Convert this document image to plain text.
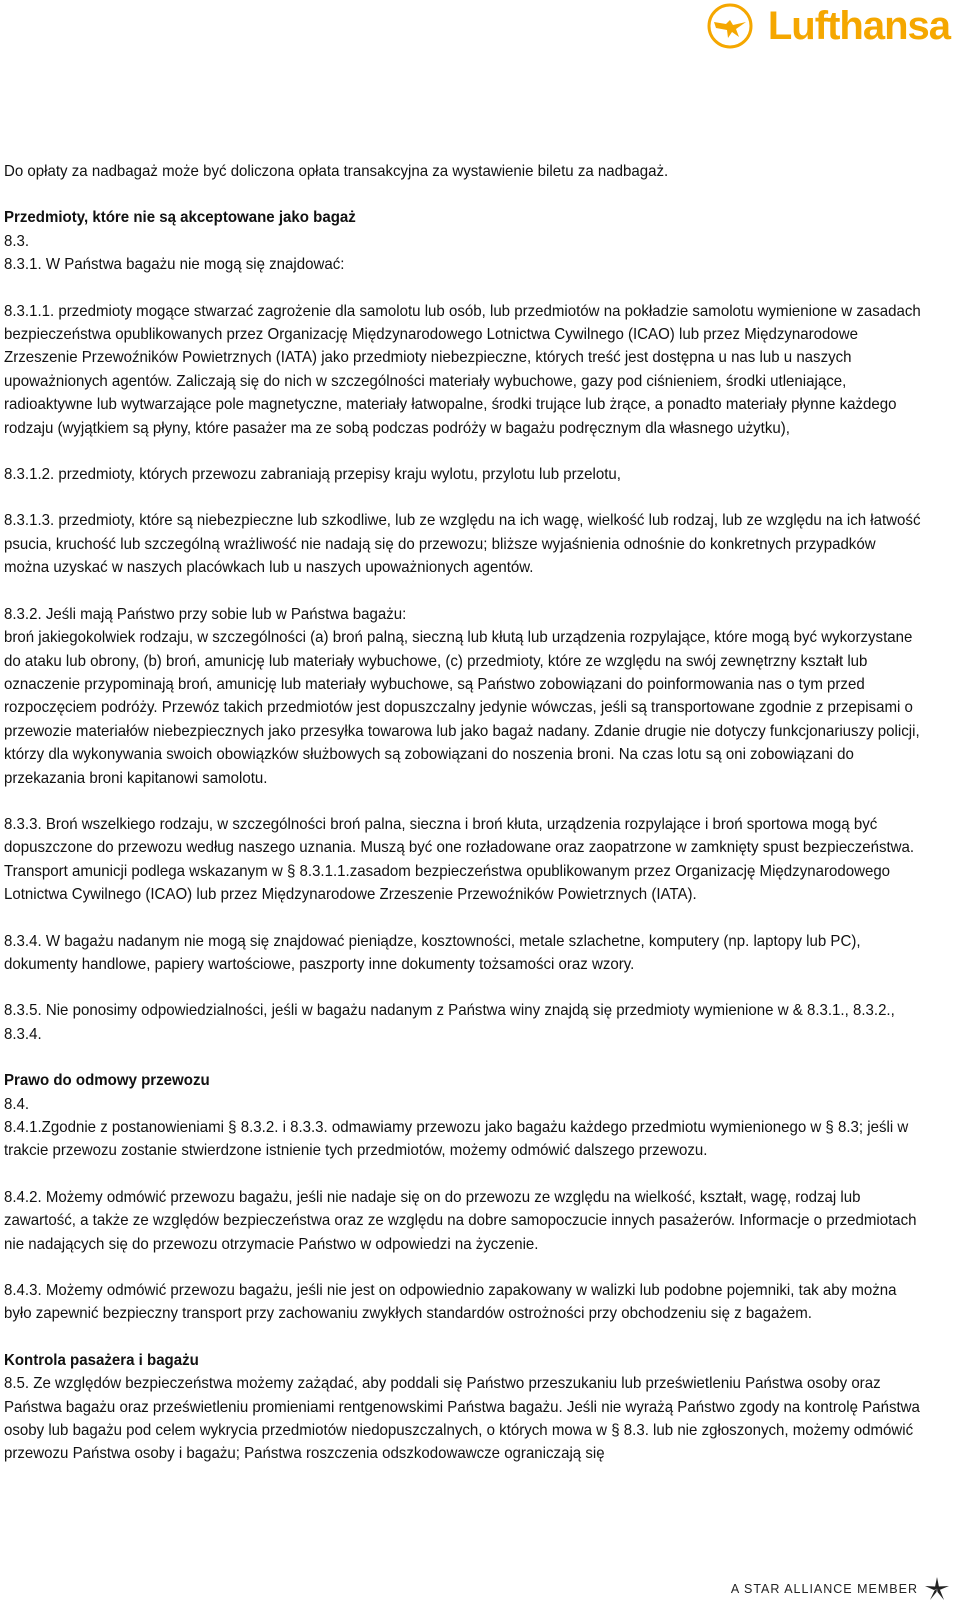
Lufthansa

Do opłaty za nadbagaż może być doliczona opłata transakcyjna za wystawienie biletu za nadbagaż.

Przedmioty, które nie są akceptowane jako bagaż

8.3.

8.3.1. W Państwa bagażu nie mogą się znajdować:

8.3.1.1. przedmioty mogące stwarzać zagrożenie dla samolotu lub osób, lub przedmiotów na pokładzie samolotu wymienione w zasadach bezpieczeństwa opublikowanych przez Organizację Międzynarodowego Lotnictwa Cywilnego (ICAO) lub przez Międzynarodowe Zrzeszenie Przewoźników Powietrznych (IATA) jako przedmioty niebezpieczne, których treść jest dostępna u nas lub u naszych upoważnionych agentów. Zaliczają się do nich w szczególności materiały wybuchowe, gazy pod ciśnieniem, środki utleniające, radioaktywne lub wytwarzające pole magnetyczne, materiały łatwopalne, środki trujące lub żrące, a ponadto materiały płynne każdego rodzaju (wyjątkiem są płyny, które pasażer ma ze sobą podczas podróży w bagażu podręcznym dla własnego użytku),

8.3.1.2. przedmioty, których przewozu zabraniają przepisy kraju wylotu, przylotu lub przelotu,

8.3.1.3. przedmioty, które są niebezpieczne lub szkodliwe, lub ze względu na ich wagę, wielkość lub rodzaj, lub ze względu na ich łatwość psucia, kruchość lub szczególną wrażliwość nie nadają się do przewozu; bliższe wyjaśnienia odnośnie do konkretnych przypadków można uzyskać w naszych placówkach lub u naszych upoważnionych agentów.

8.3.2. Jeśli mają Państwo przy sobie lub w Państwa bagażu:

broń jakiegokolwiek rodzaju, w szczególności (a) broń palną, sieczną lub kłutą lub urządzenia rozpylające, które mogą być wykorzystane do ataku lub obrony, (b) broń, amunicję lub materiały wybuchowe, (c) przedmioty, które ze względu na swój zewnętrzny kształt lub oznaczenie przypominają broń, amunicję lub materiały wybuchowe, są Państwo zobowiązani do poinformowania nas o tym przed rozpoczęciem podróży. Przewóz takich przedmiotów jest dopuszczalny jedynie wówczas, jeśli są transportowane zgodnie z przepisami o przewozie materiałów niebezpiecznych jako przesyłka towarowa lub jako bagaż nadany. Zdanie drugie nie dotyczy funkcjonariuszy policji, którzy dla wykonywania swoich obowiązków służbowych są zobowiązani do noszenia broni. Na czas lotu są oni zobowiązani do przekazania broni kapitanowi samolotu.

8.3.3. Broń wszelkiego rodzaju, w szczególności broń palna, sieczna i broń kłuta, urządzenia rozpylające i broń sportowa mogą być dopuszczone do przewozu według naszego uznania. Muszą być one rozładowane oraz zaopatrzone w zamknięty spust bezpieczeństwa. Transport amunicji podlega wskazanym w § 8.3.1.1.zasadom bezpieczeństwa opublikowanym przez Organizację Międzynarodowego Lotnictwa Cywilnego (ICAO) lub przez Międzynarodowe Zrzeszenie Przewoźników Powietrznych (IATA).

8.3.4. W bagażu nadanym nie mogą się znajdować pieniądze, kosztowności, metale szlachetne, komputery (np. laptopy lub PC), dokumenty handlowe, papiery wartościowe, paszporty inne dokumenty tożsamości oraz wzory.

8.3.5. Nie ponosimy odpowiedzialności, jeśli w bagażu nadanym z Państwa winy znajdą się przedmioty wymienione w & 8.3.1., 8.3.2., 8.3.4.

Prawo do odmowy przewozu

8.4.

8.4.1.Zgodnie z postanowieniami § 8.3.2. i 8.3.3. odmawiamy przewozu jako bagażu każdego przedmiotu wymienionego w § 8.3; jeśli w trakcie przewozu zostanie stwierdzone istnienie tych przedmiotów, możemy odmówić dalszego przewozu.

8.4.2. Możemy odmówić przewozu bagażu, jeśli nie nadaje się on do przewozu ze względu na wielkość, kształt, wagę, rodzaj lub zawartość, a także ze względów bezpieczeństwa oraz ze względu na dobre samopoczucie innych pasażerów. Informacje o przedmiotach nie nadających się do przewozu otrzymacie Państwo w odpowiedzi na życzenie.

8.4.3. Możemy odmówić przewozu bagażu, jeśli nie jest on odpowiednio zapakowany w walizki lub podobne pojemniki, tak aby można było zapewnić bezpieczny transport przy zachowaniu zwykłych standardów ostrożności przy obchodzeniu się z bagażem.

Kontrola pasażera i bagażu

8.5. Ze względów bezpieczeństwa możemy zażądać, aby poddali się Państwo przeszukaniu lub prześwietleniu Państwa osoby oraz Państwa bagażu oraz prześwietleniu promieniami rentgenowskimi Państwa bagażu. Jeśli nie wyrażą Państwo zgody na kontrolę Państwa osoby lub bagażu pod celem wykrycia przedmiotów niedopuszczalnych, o których mowa w § 8.3. lub nie zgłoszonych, możemy odmówić przewozu Państwa osoby i bagażu; Państwa roszczenia odszkodowawcze ograniczają się

A STAR ALLIANCE MEMBER
